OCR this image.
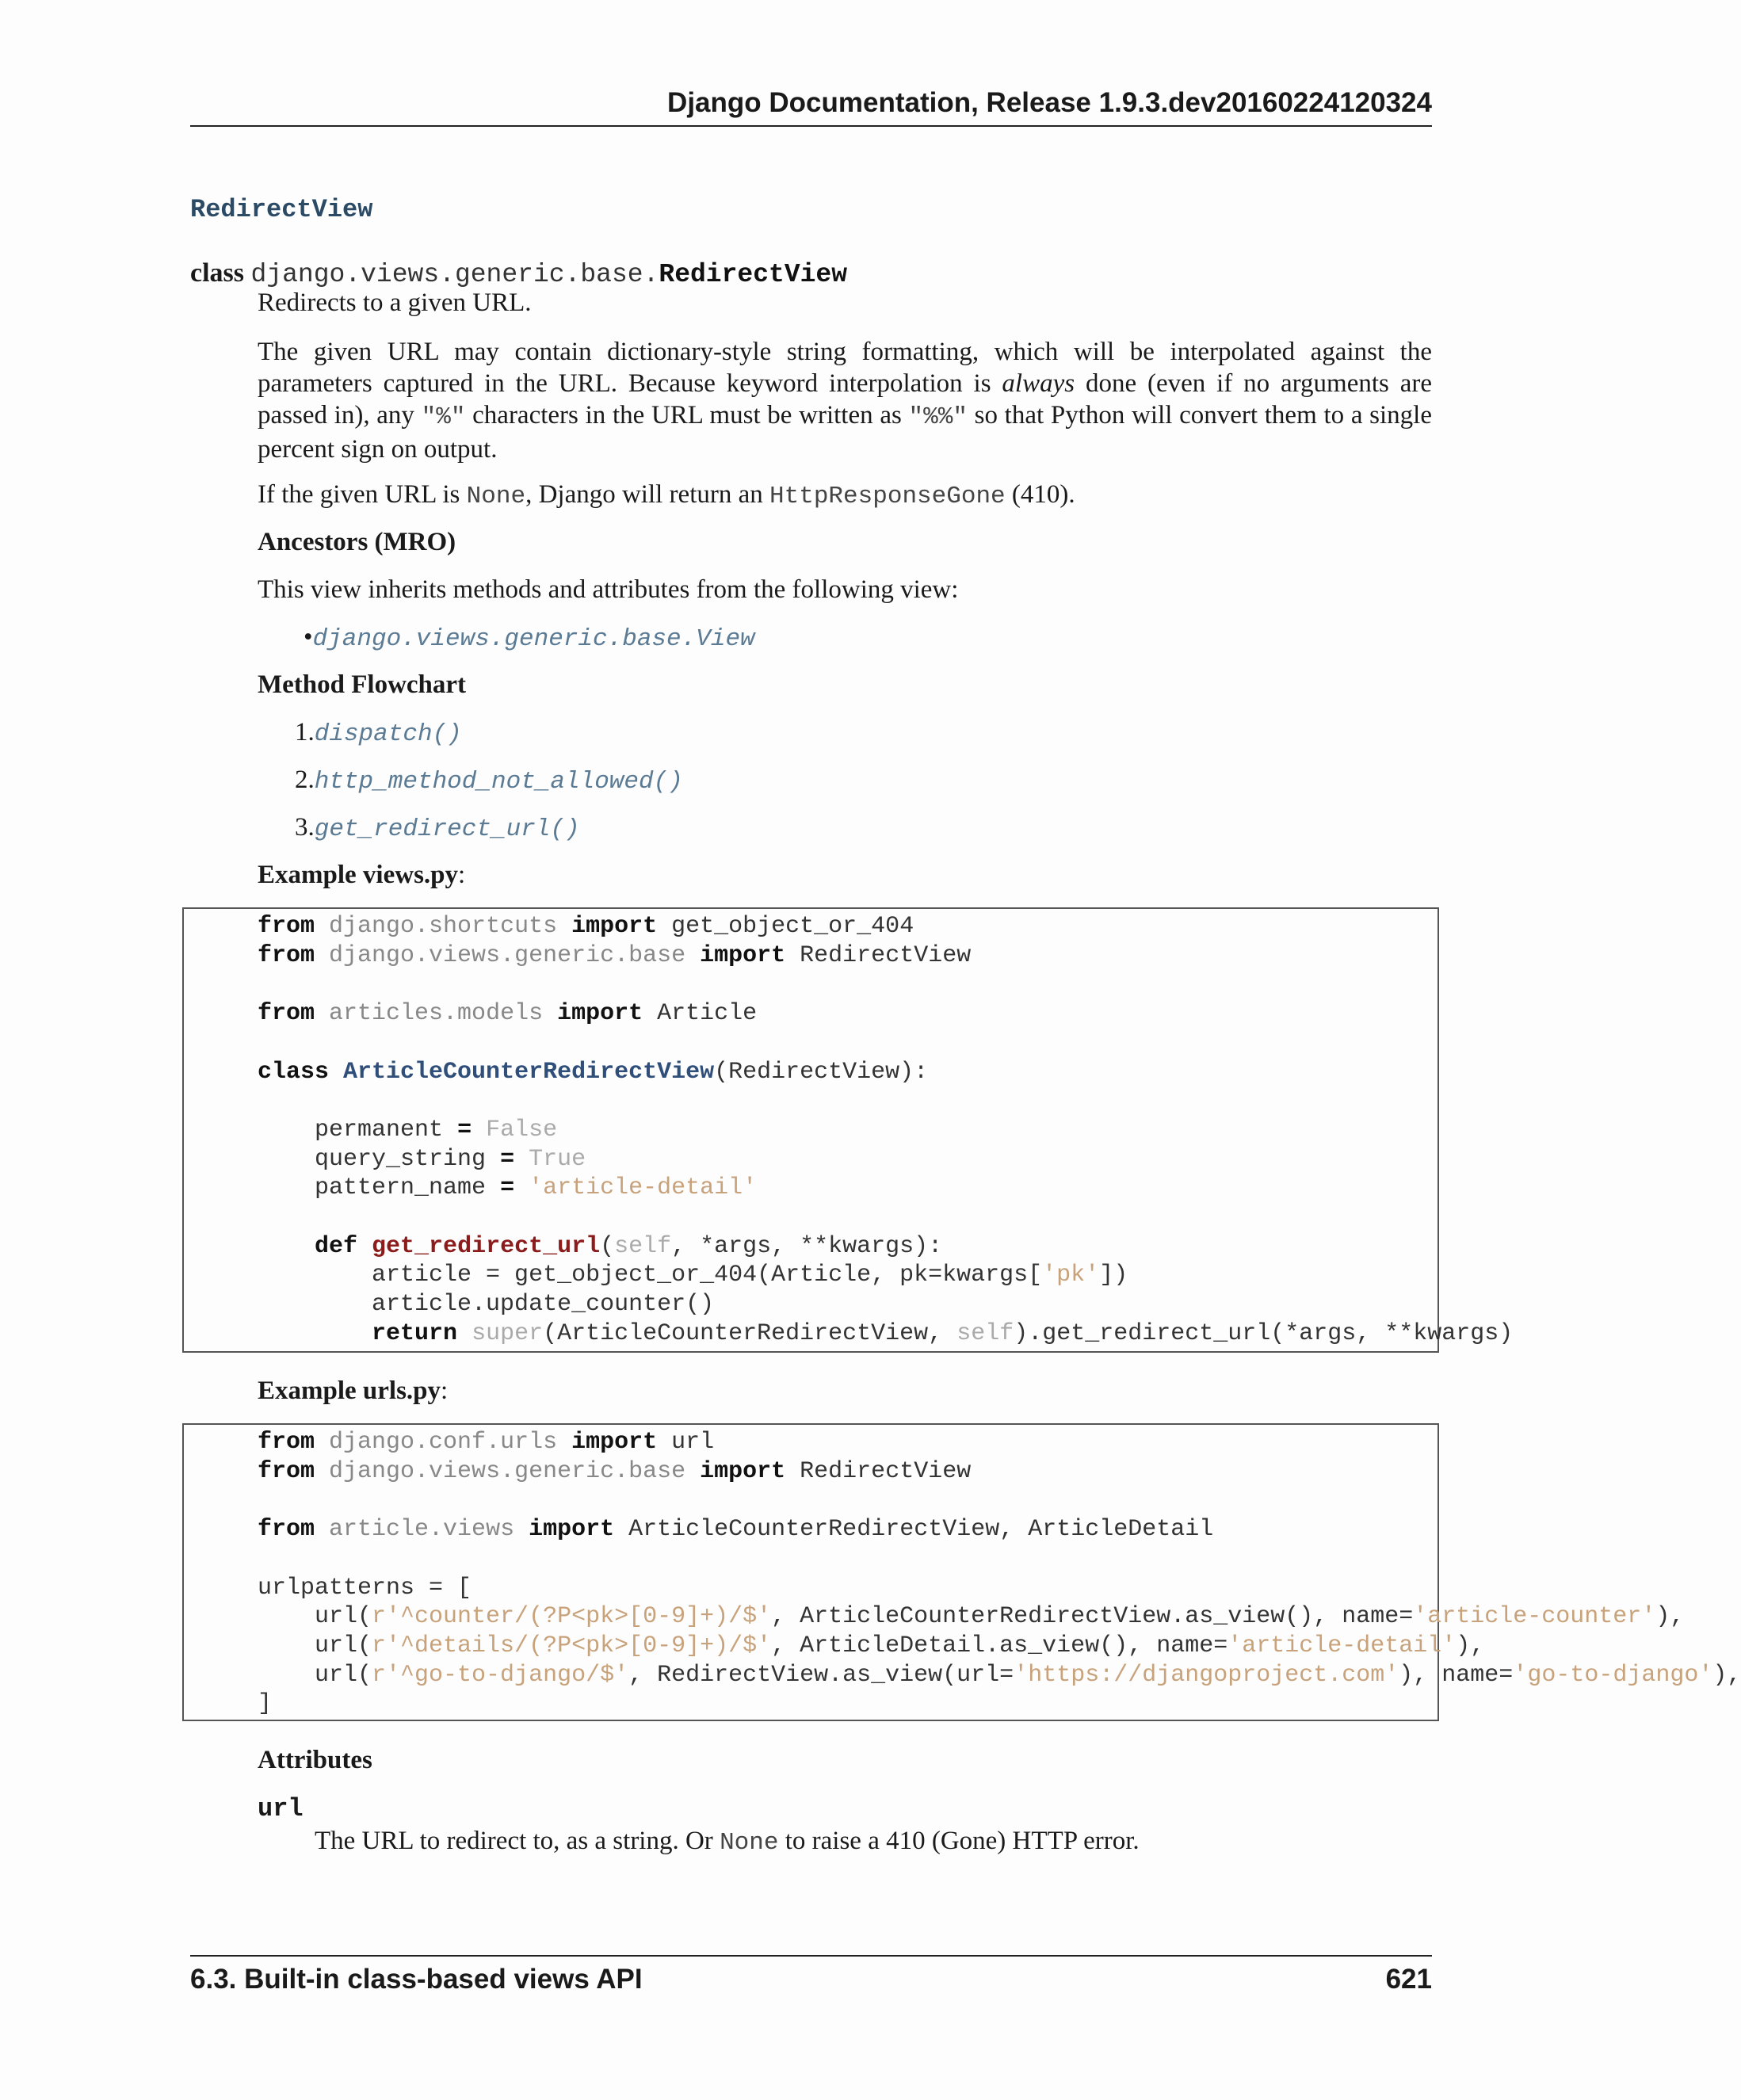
Django Documentation, Release 1.9.3.dev20160224120324
RedirectView
class django.views.generic.base.RedirectView
Redirects to a given URL.
The given URL may contain dictionary-style string formatting, which will be interpolated against the parameters captured in the URL. Because keyword interpolation is always done (even if no arguments are passed in), any "%" characters in the URL must be written as "%%" so that Python will convert them to a single percent sign on output.
If the given URL is None, Django will return an HttpResponseGone (410).
Ancestors (MRO)
This view inherits methods and attributes from the following view:
•django.views.generic.base.View
Method Flowchart
1.dispatch()
2.http_method_not_allowed()
3.get_redirect_url()
Example views.py:
from django.shortcuts import get_object_or_404
from django.views.generic.base import RedirectView

from articles.models import Article

class ArticleCounterRedirectView(RedirectView):

permanent = False
query_string = True
pattern_name = 'article-detail'

def get_redirect_url(self, *args, **kwargs):
article = get_object_or_404(Article, pk=kwargs['pk'])
article.update_counter()
return super(ArticleCounterRedirectView, self).get_redirect_url(*args, **kwargs)
Example urls.py:
from django.conf.urls import url
from django.views.generic.base import RedirectView

from article.views import ArticleCounterRedirectView, ArticleDetail

urlpatterns = [
url(r'^counter/(?P<pk>[0-9]+)/$', ArticleCounterRedirectView.as_view(), name='article-counter'),
url(r'^details/(?P<pk>[0-9]+)/$', ArticleDetail.as_view(), name='article-detail'),
url(r'^go-to-django/$', RedirectView.as_view(url='https://djangoproject.com'), name='go-to-django'),
]
Attributes
url
The URL to redirect to, as a string. Or None to raise a 410 (Gone) HTTP error.
6.3. Built-in class-based views API	621
